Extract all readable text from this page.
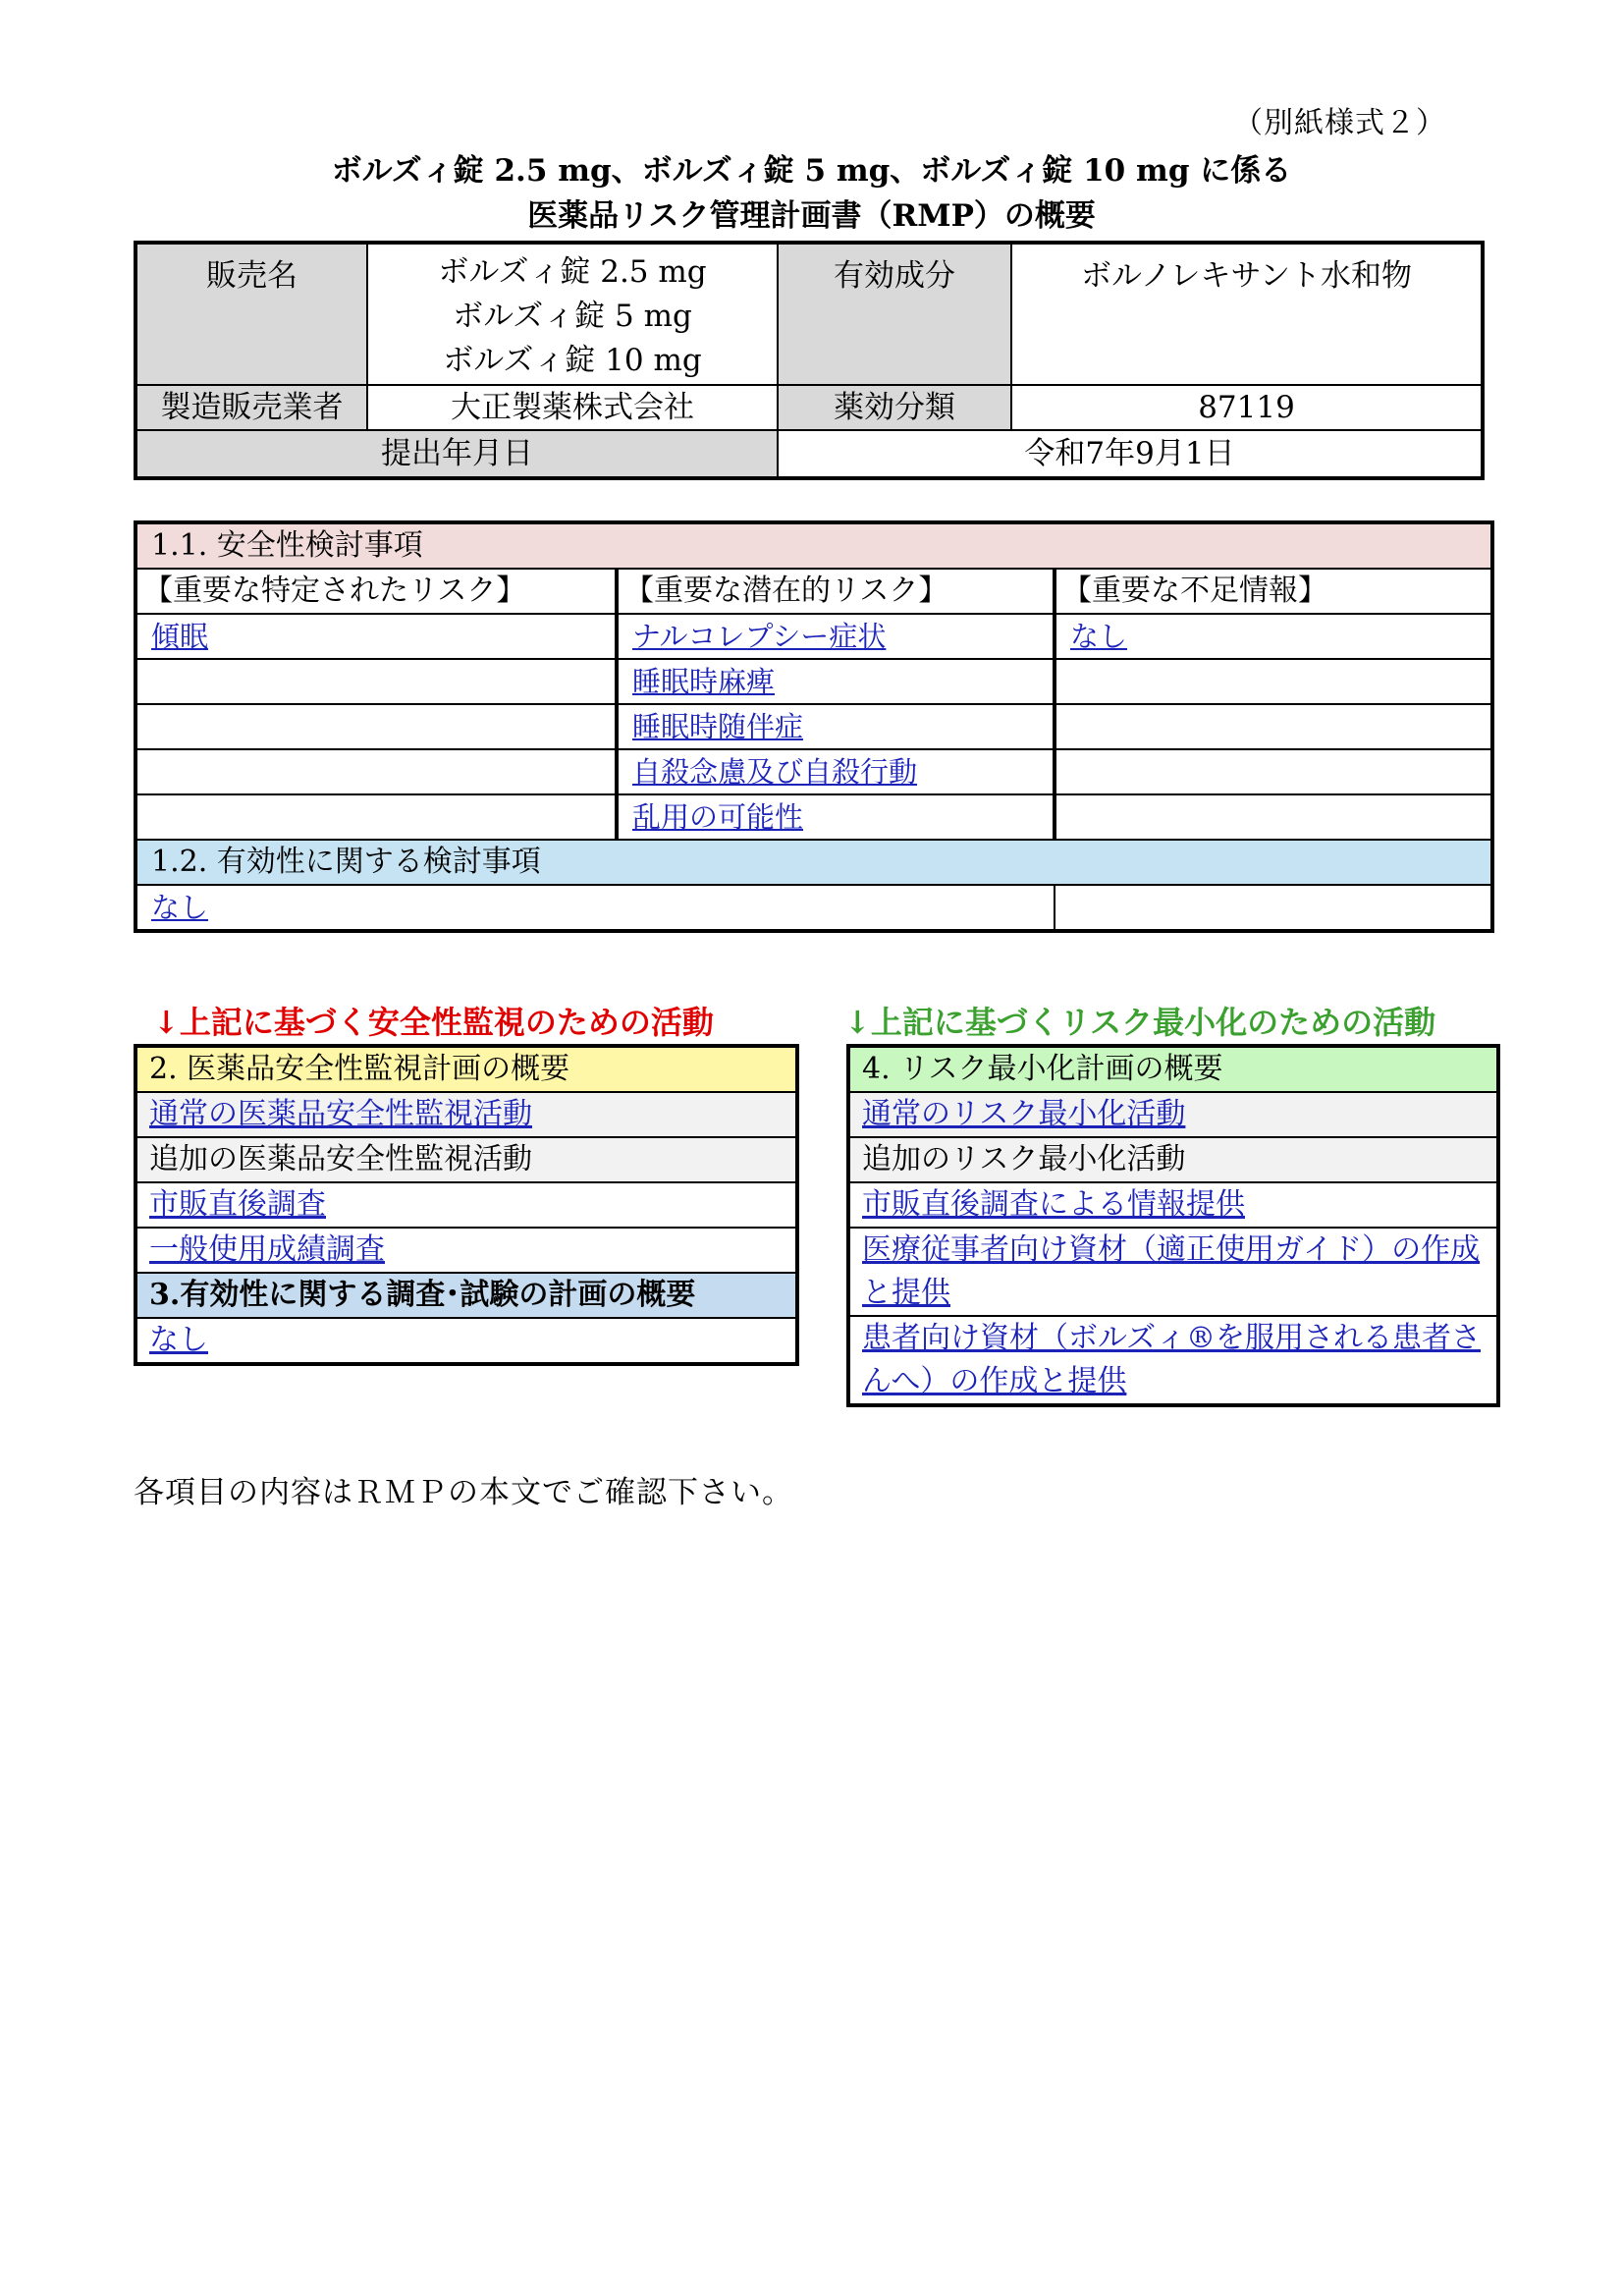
（別紙様式２）
ボルズィ錠 2.5 mg、ボルズィ錠 5 mg、ボルズィ錠 10 mg に係る
医薬品リスク管理計画書（RMP）の概要
販売名	ボルズィ錠 2.5 mg
ボルズィ錠 5 mg
ボルズィ錠 10 mg	有効成分	ボルノレキサント水和物
製造販売業者	大正製薬株式会社	薬効分類	87119
提出年月日		令和7年9月1日	
1.1. 安全性検討事項		
【重要な特定されたリスク】	【重要な潜在的リスク】	【重要な不足情報】
傾眠	ナルコレプシー症状	なし
	睡眠時麻痺	
	睡眠時随伴症	
	自殺念慮及び自殺行動	
	乱用の可能性	
1.2. 有効性に関する検討事項		
なし		
↓上記に基づく安全性監視のための活動	↓上記に基づくリスク最小化のための活動
2. 医薬品安全性監視計画の概要
通常の医薬品安全性監視活動
追加の医薬品安全性監視活動
市販直後調査
一般使用成績調査
3.有効性に関する調査･試験の計画の概要
なし
4. リスク最小化計画の概要
通常のリスク最小化活動
追加のリスク最小化活動
市販直後調査による情報提供
医療従事者向け資材（適正使用ガイド）の作成と提供
患者向け資材（ボルズィ®を服用される患者さんへ）の作成と提供
各項目の内容はＲＭＰの本文でご確認下さい。
